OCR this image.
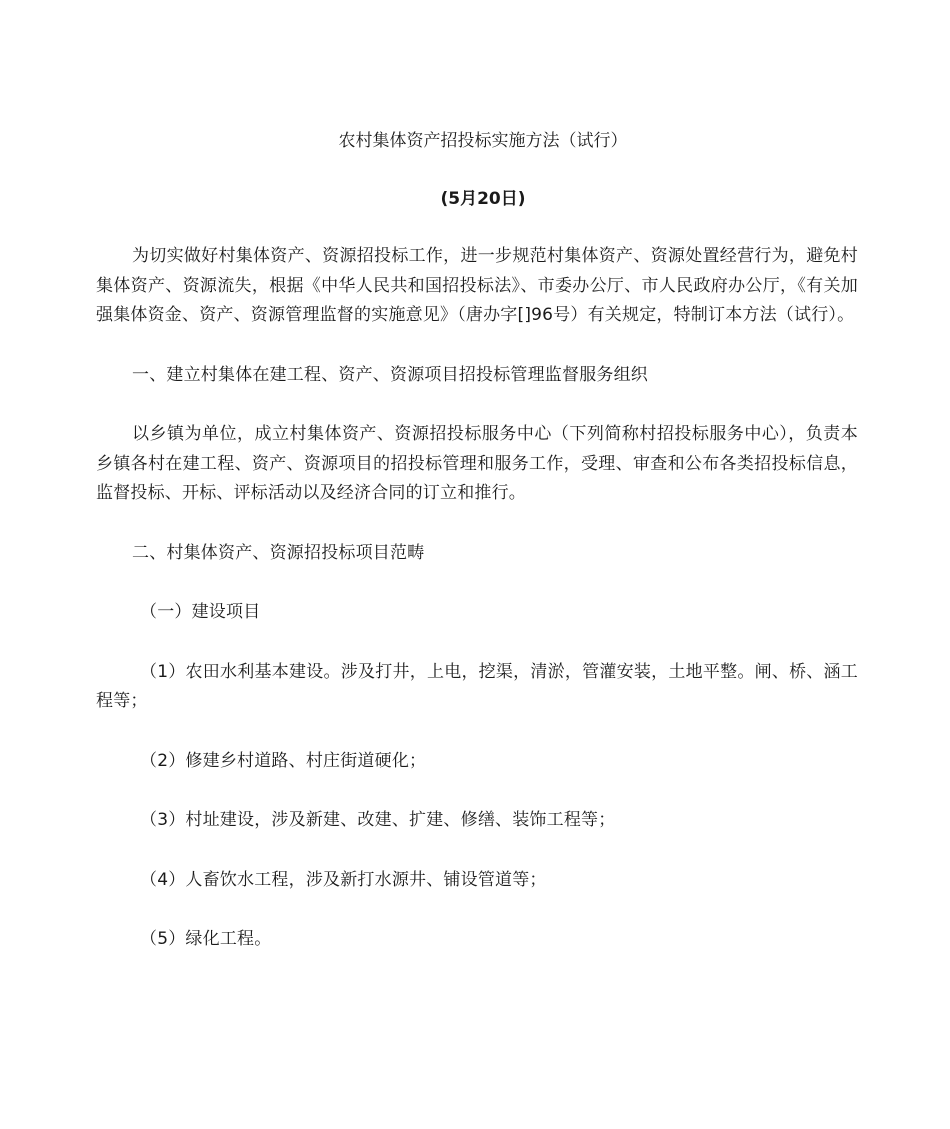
农村集体资产招投标实施方法（试行）

(5月20日)

为切实做好村集体资产、资源招投标工作，进一步规范村集体资产、资源处置经营行为，避免村集体资产、资源流失，根据《中华人民共和国招投标法》、市委办公厅、市人民政府办公厅，《有关加强集体资金、资产、资源管理监督的实施意见》（唐办字[]96号）有关规定，特制订本方法（试行）。

一、建立村集体在建工程、资产、资源项目招投标管理监督服务组织

以乡镇为单位，成立村集体资产、资源招投标服务中心（下列简称村招投标服务中心），负责本乡镇各村在建工程、资产、资源项目的招投标管理和服务工作，受理、审查和公布各类招投标信息，监督投标、开标、评标活动以及经济合同的订立和推行。

二、村集体资产、资源招投标项目范畴

（一）建设项目

（1）农田水利基本建设。涉及打井，上电，挖渠，清淤，管灌安装，土地平整。闸、桥、涵工程等；

（2）修建乡村道路、村庄街道硬化；

（3）村址建设，涉及新建、改建、扩建、修缮、装饰工程等；

（4）人畜饮水工程，涉及新打水源井、铺设管道等；

（5）绿化工程。
